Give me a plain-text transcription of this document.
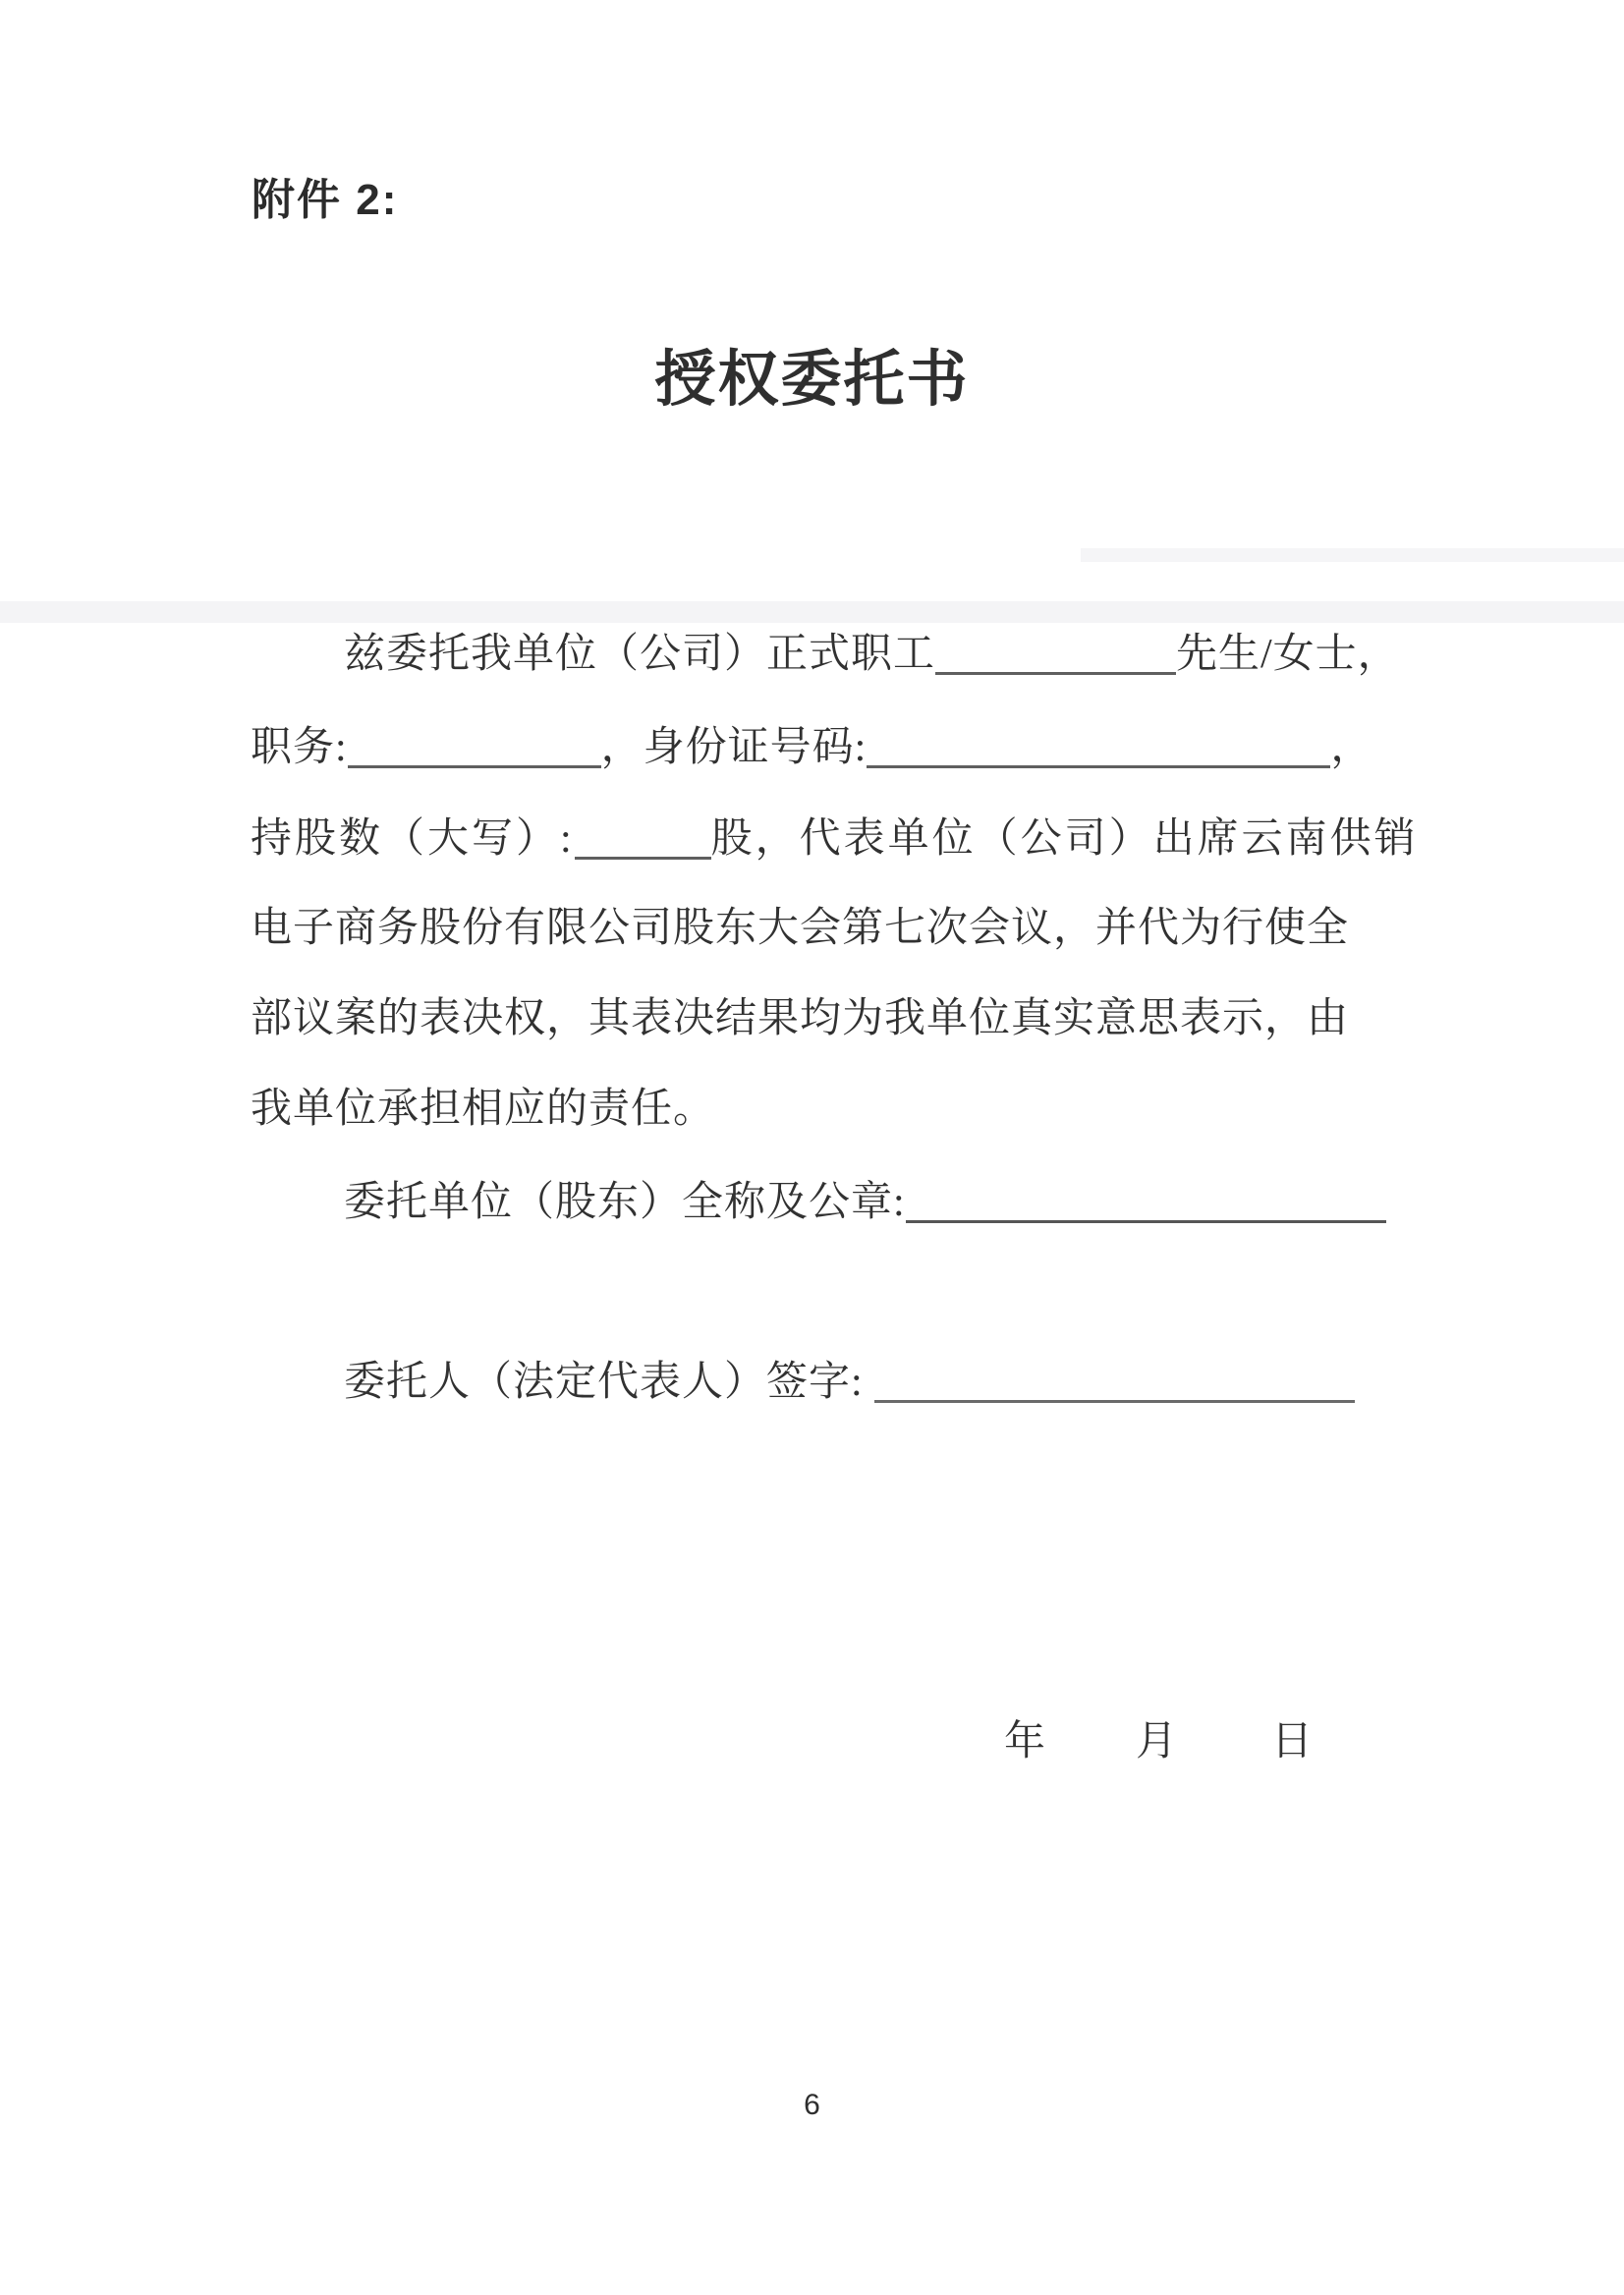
附件 2:
授权委托书
兹委托我单位（公司）正式职工	先生/女士，
职务:	，身份证号码:	，
持股数（大写）:	股，代表单位（公司）出席云南供销
电子商务股份有限公司股东大会第七次会议，并代为行使全
部议案的表决权，其表决结果均为我单位真实意思表示，由
我单位承担相应的责任。
委托单位（股东）全称及公章:
委托人（法定代表人）签字:
年 月 日
6
